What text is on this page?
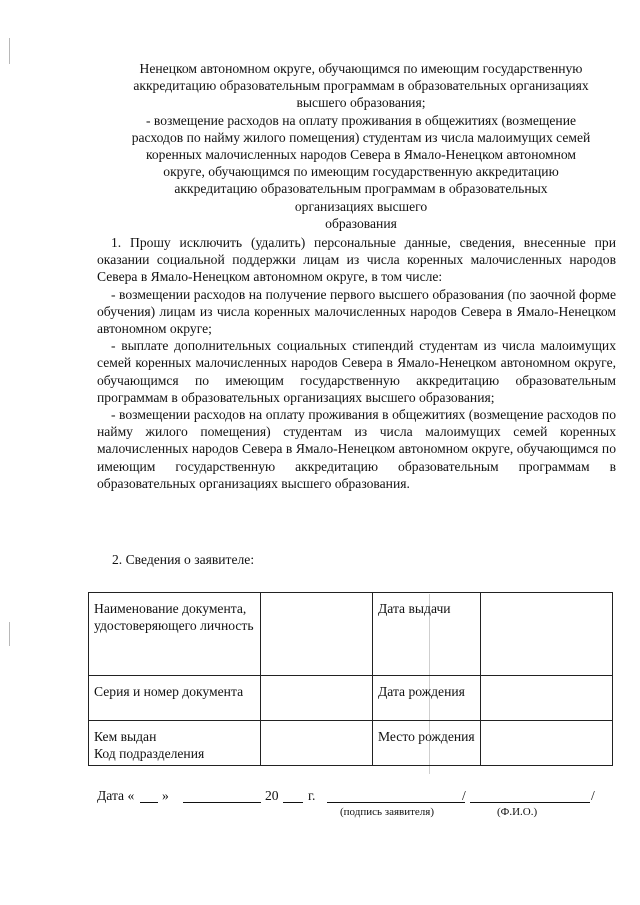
Ненецком автономном округе, обучающимся по имеющим государственную
аккредитацию образовательным программам в образовательных организациях
высшего образования;
- возмещение расходов на оплату проживания в общежитиях (возмещение
расходов по найму жилого помещения) студентам из числа малоимущих семей
коренных малочисленных народов Севера в Ямало-Ненецком автономном
округе, обучающимся по имеющим государственную аккредитацию
аккредитацию образовательным программам в образовательных организациях высшего
образования
1. Прошу исключить (удалить) персональные данные, сведения, внесенные при оказании социальной поддержки лицам из числа коренных малочисленных народов Севера в Ямало-Ненецком автономном округе, в том числе:
- возмещении расходов на получение первого высшего образования (по заочной форме обучения) лицам из числа коренных малочисленных народов Севера в Ямало-Ненецком автономном округе;
- выплате дополнительных социальных стипендий студентам из числа малоимущих семей коренных малочисленных народов Севера в Ямало-Ненецком автономном округе, обучающимся по имеющим государственную аккредитацию образовательным программам в образовательных организациях высшего образования;
- возмещении расходов на оплату проживания в общежитиях (возмещение расходов по найму жилого помещения) студентам из числа малоимущих семей коренных малочисленных народов Севера в Ямало-Ненецком автономном округе, обучающимся по имеющим государственную аккредитацию образовательным программам в образовательных организациях высшего образования.
2. Сведения о заявителе:
Наименование документа, удостоверяющего личность		Дата выдачи	
Серия и номер документа		Дата рождения	

Кем выдан
Код подразделения		Место рождения	
Дата « »	20 г.	/	/
(подпись заявителя)	(Ф.И.О.)
